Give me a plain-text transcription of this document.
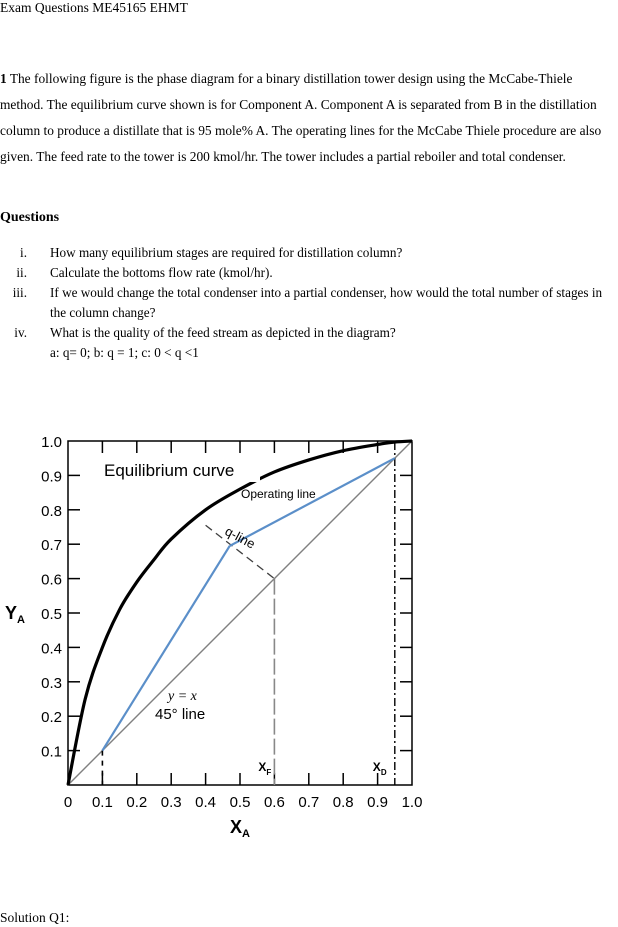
Exam Questions ME45165 EHMT
1 The following figure is the phase diagram for a binary distillation tower design using the McCabe-Thiele method. The equilibrium curve shown is for Component A. Component A is separated from B in the distillation column to produce a distillate that is 95 mole% A. The operating lines for the McCabe Thiele procedure are also given. The feed rate to the tower is 200 kmol/hr. The tower includes a partial reboiler and total condenser.
Questions
i.	How many equilibrium stages are required for distillation column?
ii.	Calculate the bottoms flow rate (kmol/hr).
iii.	If we would change the total condenser into a partial condenser, how would the total number of stages in the column change?
iv.	What is the quality of the feed stream as depicted in the diagram?
a: q= 0; b: q = 1; c: 0 < q <1
0.1
0.2
0.3
0.4
0.5
0.6
0.7
0.8
0.9
1.0
0 0.1 0.2 0.3 0.4 0.5 0.6 0.7 0.8 0.9 1.0
$X_A$
$Y_A$
Equilibrium curve
Operating line
q-line
y = x
45° line
$X_F$	$X_D$
Solution Q1:
